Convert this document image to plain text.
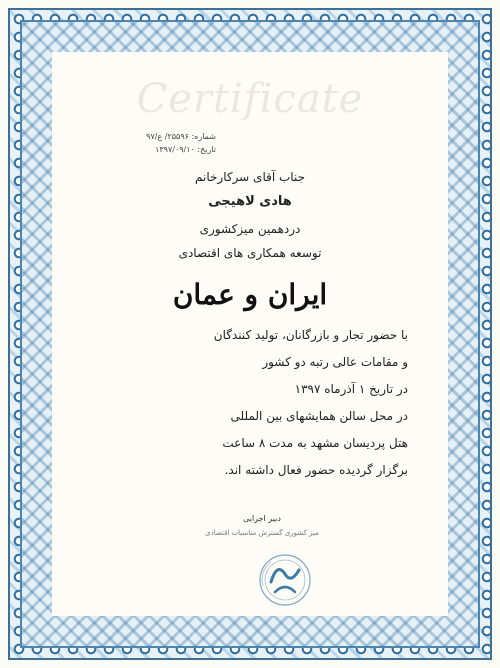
Certificate
شماره: ۲۵۵۹۶/ ع/۹۷
تاریخ: ۱۳۹۷/۰۹/۱۰
جناب آقای سرکارخانم
هادی لاهیجی
دردهمین میزکشوری
توسعه همکاری های اقتصادی
ایران و عمان
با حضور تجار و بازرگانان، تولید کنندگان
و مقامات عالی رتبه دو کشور
در تاریخ ۱ آذرماه ۱۳۹۷
در محل سالن همایشهای بین المللی
هتل پردیسان مشهد به مدت ۸ ساعت
برگزار گردیده حضور فعال داشته اند.
دبیر اجرایی
میز کشوری گسترش مناسبات اقتصادی
